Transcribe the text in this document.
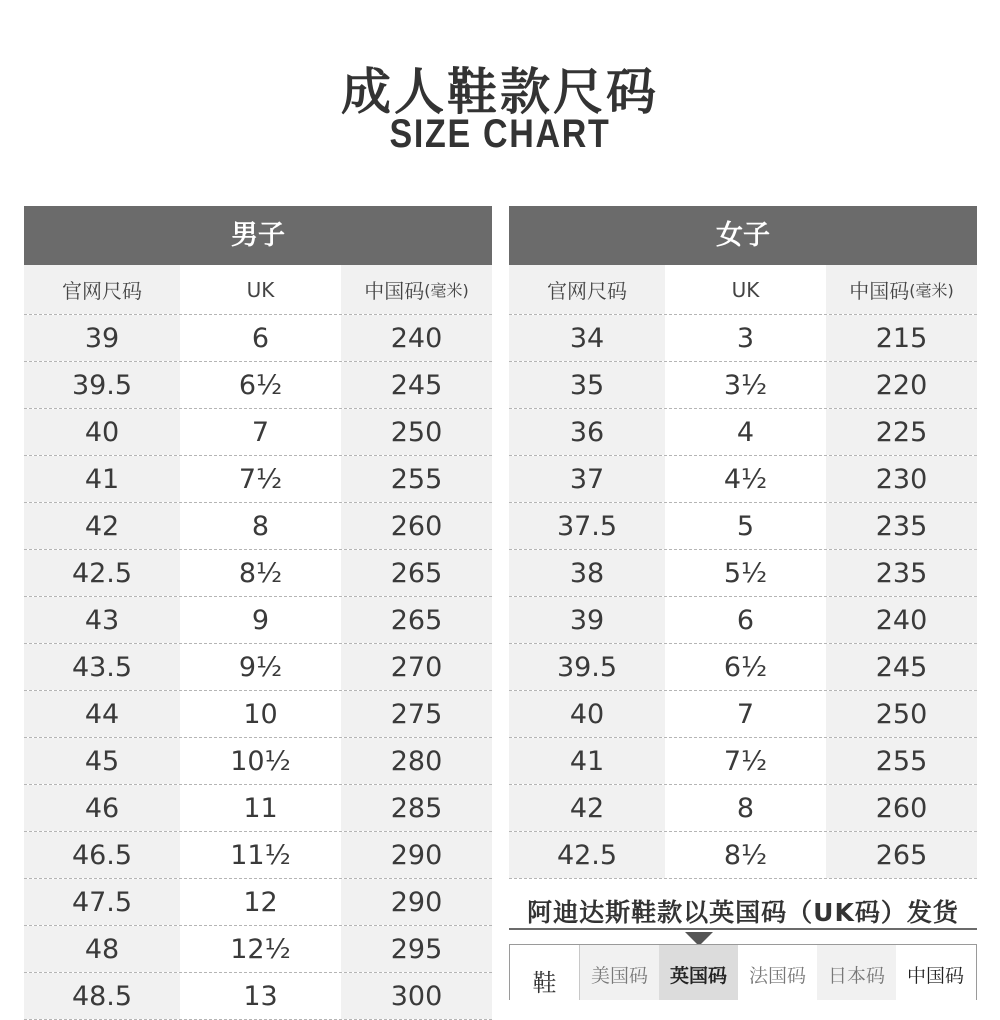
成人鞋款尺码
SIZE CHART
男子
官网尺码	UK	中国码 (毫米)
39	6	240
39.5	6½	245
40	7	250
41	7½	255
42	8	260
42.5	8½	265
43	9	265
43.5	9½	270
44	10	275
45	10½	280
46	11	285
46.5	11½	290
47.5	12	290
48	12½	295
48.5	13	300
女子
官网尺码	UK	中国码 (毫米)
34	3	215
35	3½	220
36	4	225
37	4½	230
37.5	5	235
38	5½	235
39	6	240
39.5	6½	245
40	7	250
41	7½	255
42	8	260
42.5	8½	265
阿迪达斯鞋款以英国码（UK码）发货
鞋	美国码	英国码	法国码	日本码	中国码
